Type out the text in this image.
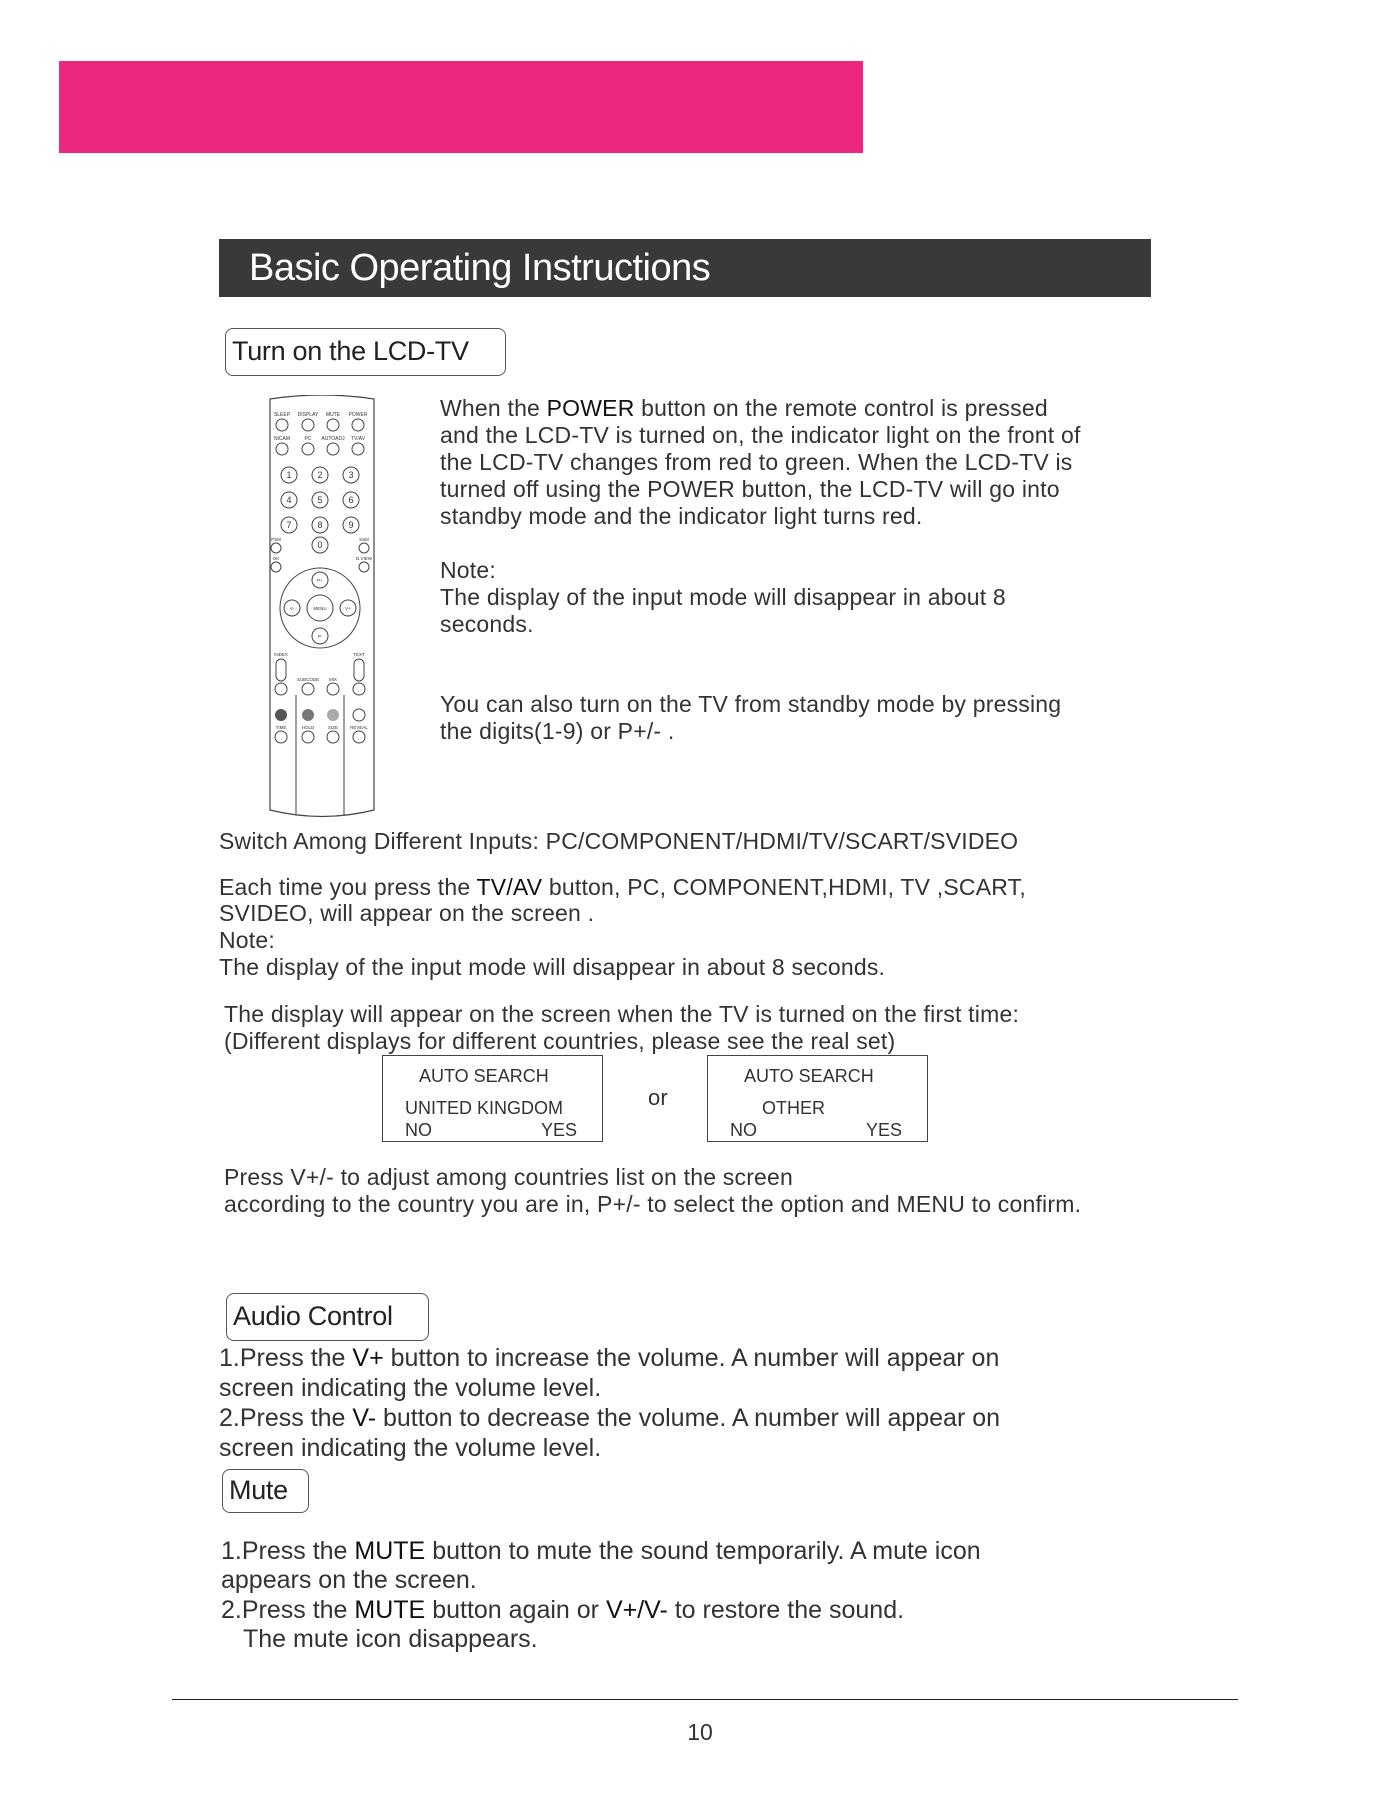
Basic Operating Instructions
Turn on the LCD-TV
SLEEP DISPLAY MUTE POWER
NICAM	PC AUTOADJ TV/AV
1	2	3
4	5	6
7	8	9
0
PSM	SSM
OK	D.VIEW
MENU
P+
P-
V-	V+
INDEX	TEXT
SUBCODE MIX
TIME	HOLD	SIZE	REVEAL
When the POWER button on the remote control is pressed
and the LCD-TV is turned on, the indicator light on the front of
the LCD-TV changes from red to green. When the LCD-TV is
turned off using the POWER button, the LCD-TV will go into
standby mode and the indicator light turns red.
Note:
The display of the input mode will disappear in about 8
seconds.
You can also turn on the TV from standby mode by pressing
the digits(1-9) or P+/- .
Switch Among Different Inputs: PC/COMPONENT/HDMI/TV/SCART/SVIDEO
Each time you press the TV/AV button, PC, COMPONENT,HDMI, TV ,SCART,
SVIDEO, will appear on the screen .
Note:
The display of the input mode will disappear in about 8 seconds.
The display will appear on the screen when the TV is turned on the first time:
(Different displays for different countries, please see the real set)
AUTO SEARCH
UNITED KINGDOM
NO	YES
or
AUTO SEARCH
OTHER
NO	YES
Press V+/- to adjust among countries list on the screen
according to the country you are in, P+/- to select the option and MENU to confirm.
Audio Control
1.Press the V+ button to increase the volume. A number will appear on
screen indicating the volume level.
2.Press the V- button to decrease the volume. A number will appear on
screen indicating the volume level.
Mute
1.Press the MUTE button to mute the sound temporarily. A mute icon
appears on the screen.
2.Press the MUTE button again or V+/V- to restore the sound.
The mute icon disappears.
10
